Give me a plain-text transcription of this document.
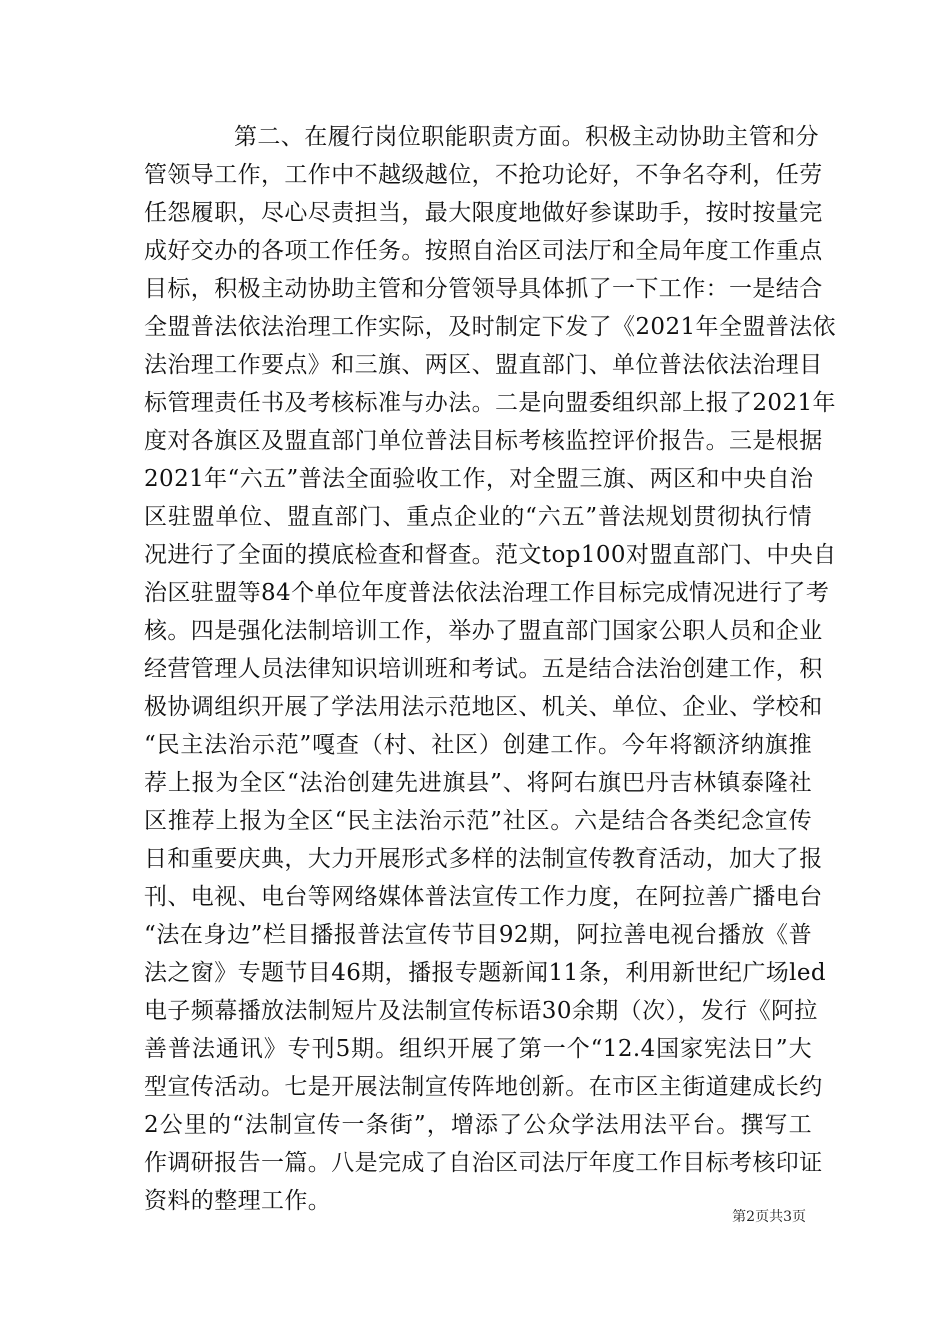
第二、在履行岗位职能职责方面。积极主动协助主管和分
管领导工作，工作中不越级越位，不抢功论好，不争名夺利，任劳
任怨履职，尽心尽责担当，最大限度地做好参谋助手，按时按量完
成好交办的各项工作任务。按照自治区司法厅和全局年度工作重点
目标，积极主动协助主管和分管领导具体抓了一下工作：一是结合
全盟普法依法治理工作实际，及时制定下发了《2021年全盟普法依
法治理工作要点》和三旗、两区、盟直部门、单位普法依法治理目
标管理责任书及考核标准与办法。二是向盟委组织部上报了2021年
度对各旗区及盟直部门单位普法目标考核监控评价报告。三是根据
2021年“六五”普法全面验收工作，对全盟三旗、两区和中央自治
区驻盟单位、盟直部门、重点企业的“六五”普法规划贯彻执行情
况进行了全面的摸底检查和督查。范文top100对盟直部门、中央自
治区驻盟等84个单位年度普法依法治理工作目标完成情况进行了考
核。四是强化法制培训工作，举办了盟直部门国家公职人员和企业
经营管理人员法律知识培训班和考试。五是结合法治创建工作，积
极协调组织开展了学法用法示范地区、机关、单位、企业、学校和
“民主法治示范”嘎查（村、社区）创建工作。今年将额济纳旗推
荐上报为全区“法治创建先进旗县”、将阿右旗巴丹吉林镇泰隆社
区推荐上报为全区“民主法治示范”社区。六是结合各类纪念宣传
日和重要庆典，大力开展形式多样的法制宣传教育活动，加大了报
刊、电视、电台等网络媒体普法宣传工作力度，在阿拉善广播电台
“法在身边”栏目播报普法宣传节目92期，阿拉善电视台播放《普
法之窗》专题节目46期，播报专题新闻11条，利用新世纪广场led
电子频幕播放法制短片及法制宣传标语30余期（次），发行《阿拉
善普法通讯》专刊5期。组织开展了第一个“12.4国家宪法日”大
型宣传活动。七是开展法制宣传阵地创新。在市区主街道建成长约
2公里的“法制宣传一条街”，增添了公众学法用法平台。撰写工
作调研报告一篇。八是完成了自治区司法厅年度工作目标考核印证
资料的整理工作。
第2页共3页
